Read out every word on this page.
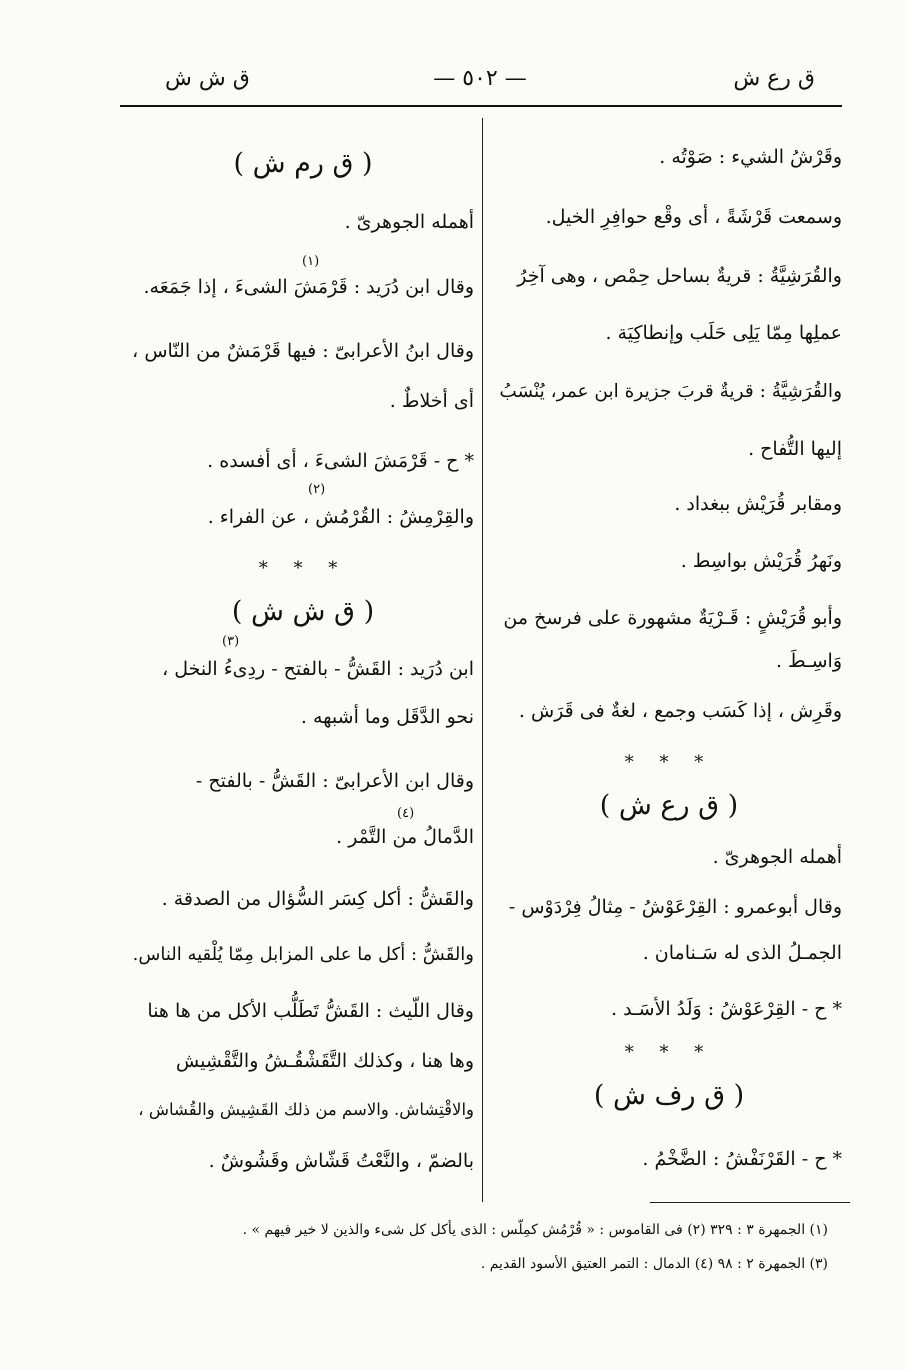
ق رع ش
— ٥٠٢ —
ق ش ش
وقَرْشُ الشيء : صَوْتُه .
وسمعت قَرْشَةً ، أى وقْع حوافِرِ الخيل.
والقُرَشِيَّةُ : قريةٌ بساحل حِمْص ، وهى آخِرُ
عملِها مِمّا يَلِى حَلَب وإنطاكِيَة .
والقُرَشِيَّةُ : قريةٌ قربَ جزيرة ابن عمر، يُنْسَبُ
إليها التُّفاح .
ومقابر قُرَيْش ببغداد .
ونَهرُ قُرَيْش بواسِط .
وأبو قُرَيْشٍ : قَـرْيَةٌ مشهورة على فرسخ من
وَاسِـطَ .
وقَرِش ، إذا كَسَب وجمع ، لغةٌ فى قَرَش .
* * *
( ق رع ش )
أهمله الجوهرىّ .
وقال أبوعمرو : القِرْعَوْشُ - مِثالُ فِرْدَوْس -
الجمـلُ الذى له سَـنامان .
* ح - القِرْعَوْشُ : وَلَدُ الأسَـد .
* * *
( ق رف ش )
* ح - القَرْنَفْشُ : الضَّخْمُ .
( ق رم ش )
أهمله الجوهرىّ .
(١)
وقال ابن دُرَيد : قَرْمَشَ الشىءَ ، إذا جَمَعَه.
وقال ابنُ الأعرابىّ : فيها قَرْمَشٌ من النّاس ،
أى أخلاطٌ .
* ح - قَرْمَشَ الشىءَ ، أى أفسده .
(٢)
والقِرْمِشُ : القُرْمُش ، عن الفراء .
* * *
( ق ش ش )
(٣)
ابن دُرَيد : القَشُّ - بالفتح - ردِىءُ النخل ،
نحو الدَّقَل وما أشبهه .
وقال ابن الأعرابىّ : القَشُّ - بالفتح -
(٤)
الدَّمالُ من التَّمْر .
والقَشُّ : أكل كِسَر السُّؤال من الصدقة .
والقَشُّ : أكل ما على المزابل مِمّا يُلْقيه الناس.
وقال اللّيث : القَشُّ تَطَلُّب الأكل من ها هنا
وها هنا ، وكذلك التَّقَشْقُـشُ والتَّقْشِيش
والاقْتِشاش. والاسم من ذلك القَشِيش والقُشاش ،
بالضمّ ، والنَّعْتُ قَشّاش وقَشُوشٌ .
(١) الجمهرة ٣ : ٣٢٩ (٢) فى القاموس : « قُرْمُش كمِلّس : الذى يأكل كل شىء والذين لا خير فيهم » .
(٣) الجمهرة ٢ : ٩٨ (٤) الدمال : التمر العتيق الأسود القديم .
